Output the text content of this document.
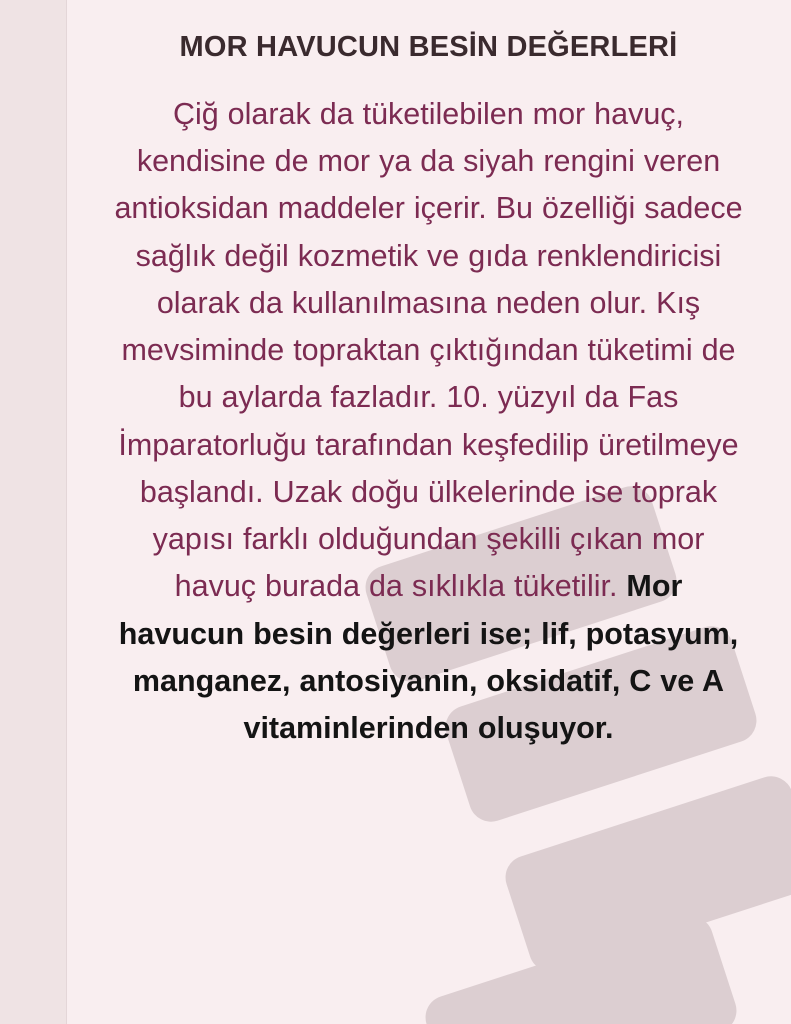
MOR HAVUCUN BESİN DEĞERLERİ

Çiğ olarak da tüketilebilen mor havuç, kendisine de mor ya da siyah rengini veren antioksidan maddeler içerir. Bu özelliği sadece sağlık değil kozmetik ve gıda renklendiricisi olarak da kullanılmasına neden olur. Kış mevsiminde topraktan çıktığından tüketimi de bu aylarda fazladır. 10. yüzyıl da Fas İmparatorluğu tarafından keşfedilip üretilmeye başlandı. Uzak doğu ülkelerinde ise toprak yapısı farklı olduğundan şekilli çıkan mor havuç burada da sıklıkla tüketilir. Mor havucun besin değerleri ise; lif, potasyum, manganez, antosiyanin, oksidatif, C ve A vitaminlerinden oluşuyor.
